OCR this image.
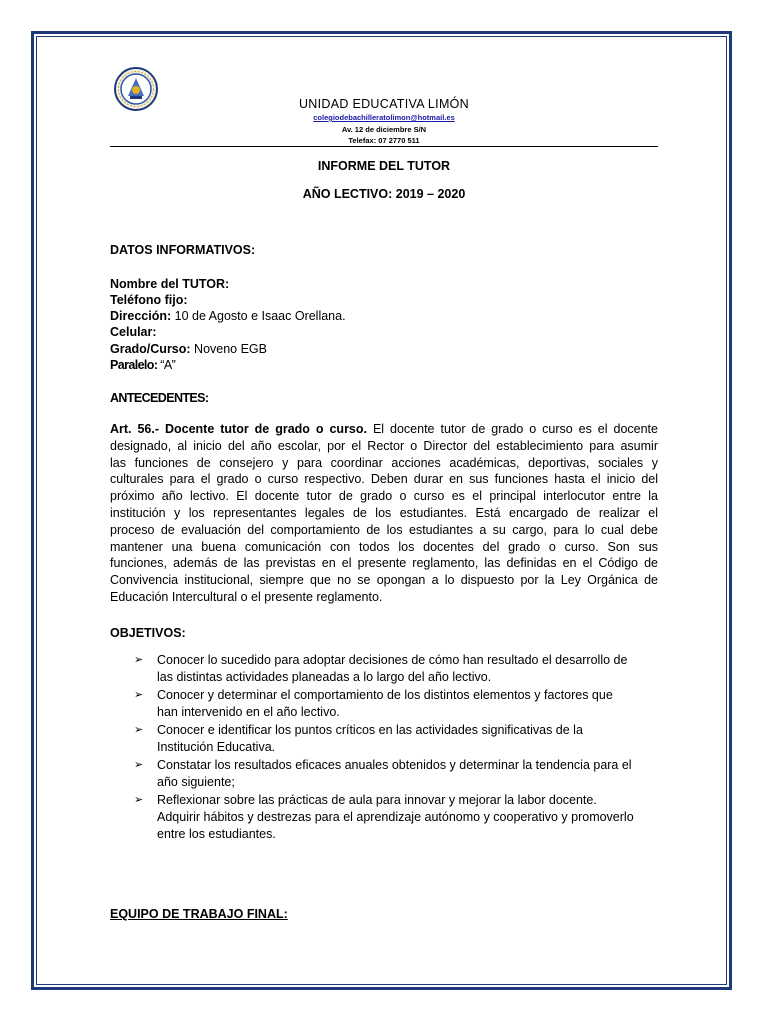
UNIDAD EDUCATIVA LIMÓN
colegiodebachilleratolimon@hotmail.es
Av. 12 de diciembre S/N
Telefax: 07 2770 511
INFORME DEL TUTOR
AÑO LECTIVO: 2019 – 2020
DATOS INFORMATIVOS:
Nombre del TUTOR:
Teléfono fijo:
Dirección: 10 de Agosto e Isaac Orellana.
Celular:
Grado/Curso: Noveno EGB
Paralelo: “A”
ANTECEDENTES:
Art. 56.- Docente tutor de grado o curso. El docente tutor de grado o curso es el docente
designado, al inicio del año escolar, por el Rector o Director del establecimiento para asumir
las funciones de consejero y para coordinar acciones académicas, deportivas, sociales y
culturales para el grado o curso respectivo. Deben durar en sus funciones hasta el inicio del
próximo año lectivo. El docente tutor de grado o curso es el principal interlocutor entre la
institución y los representantes legales de los estudiantes. Está encargado de realizar el
proceso de evaluación del comportamiento de los estudiantes a su cargo, para lo cual debe
mantener una buena comunicación con todos los docentes del grado o curso. Son sus
funciones, además de las previstas en el presente reglamento, las definidas en el Código de
Convivencia institucional, siempre que no se opongan a lo dispuesto por la Ley Orgánica de
Educación Intercultural o el presente reglamento.
OBJETIVOS:
➢ Conocer lo sucedido para adoptar decisiones de cómo han resultado el desarrollo de
las distintas actividades planeadas a lo largo del año lectivo.
➢ Conocer y determinar el comportamiento de los distintos elementos y factores que
han intervenido en el año lectivo.
➢ Conocer e identificar los puntos críticos en las actividades significativas de la
Institución Educativa.
➢ Constatar los resultados eficaces anuales obtenidos y determinar la tendencia para el
año siguiente;
➢ Reflexionar sobre las prácticas de aula para innovar y mejorar la labor docente.
Adquirir hábitos y destrezas para el aprendizaje autónomo y cooperativo y promoverlo entre los estudiantes.
EQUIPO DE TRABAJO FINAL:
